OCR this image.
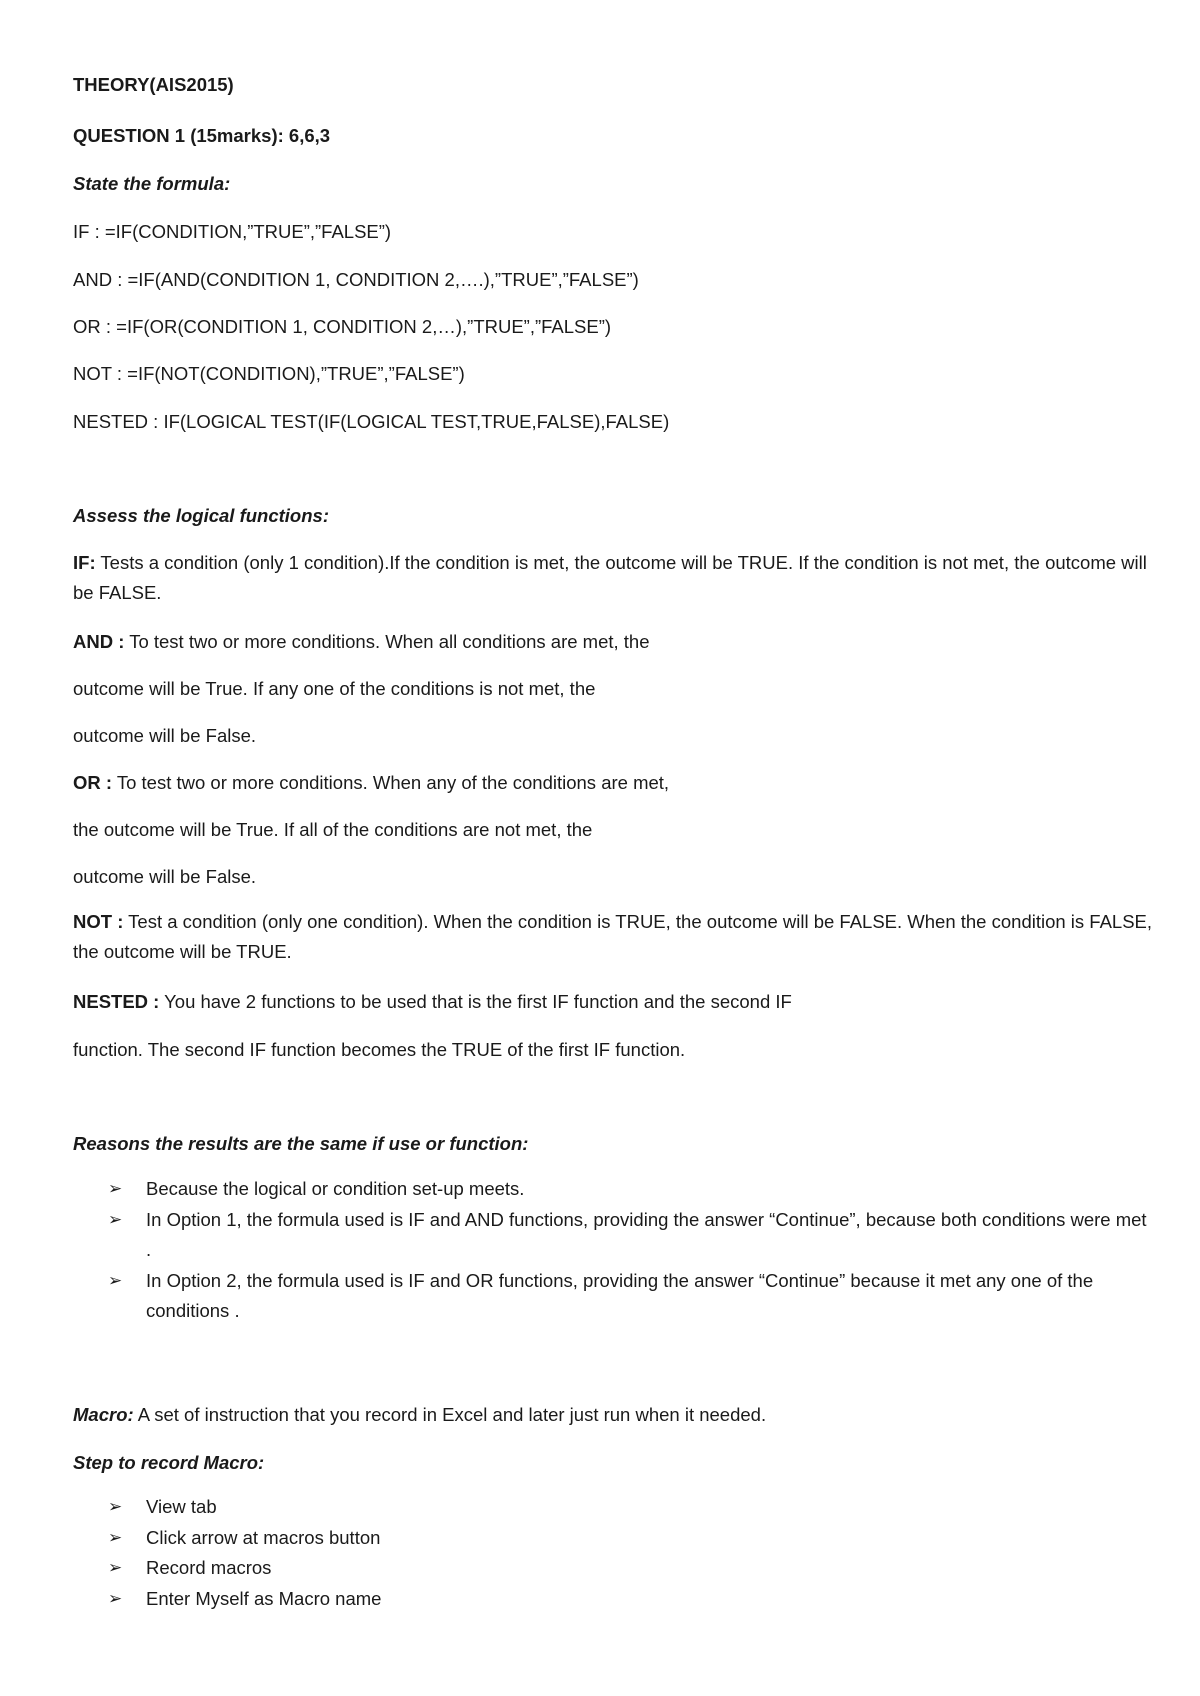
THEORY(AIS2015)
QUESTION 1 (15marks): 6,6,3
State the formula:
IF : =IF(CONDITION,”TRUE”,”FALSE”)
AND : =IF(AND(CONDITION 1, CONDITION 2,….),”TRUE”,”FALSE”)
OR : =IF(OR(CONDITION 1, CONDITION 2,…),”TRUE”,”FALSE”)
NOT : =IF(NOT(CONDITION),”TRUE”,”FALSE”)
NESTED : IF(LOGICAL TEST(IF(LOGICAL TEST,TRUE,FALSE),FALSE)
Assess the logical functions:
IF: Tests a condition (only 1 condition).If the condition is met, the outcome will be TRUE. If the condition is not met, the outcome will be FALSE.
AND : To test two or more conditions. When all conditions are met, the
outcome will be True. If any one of the conditions is not met, the
outcome will be False.
OR : To test two or more conditions. When any of the conditions are met,
the outcome will be True. If all of the conditions are not met, the
outcome will be False.
NOT : Test a condition (only one condition). When the condition is TRUE, the outcome will be FALSE. When the condition is FALSE, the outcome will be TRUE.
NESTED : You have 2 functions to be used that is the first IF function and the second IF
function. The second IF function becomes the TRUE of the first IF function.
Reasons the results are the same if use or function:
➢ Because the logical or condition set-up meets.
➢ In Option 1, the formula used is IF and AND functions, providing the answer “Continue”, because both conditions were met .
➢ In Option 2, the formula used is IF and OR functions, providing the answer “Continue” because it met any one of the conditions .
Macro: A set of instruction that you record in Excel and later just run when it needed.
Step to record Macro:
➢ View tab
➢ Click arrow at macros button
➢ Record macros
➢ Enter Myself as Macro name
